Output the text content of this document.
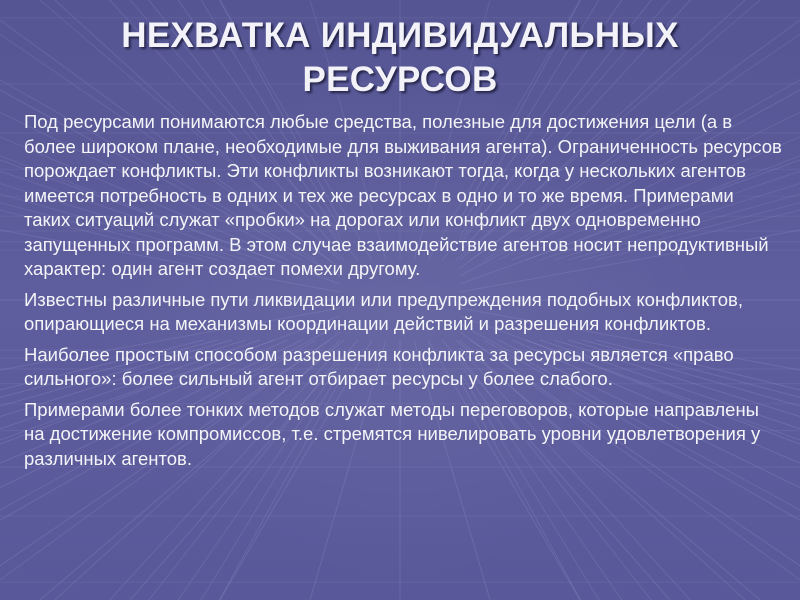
НЕХВАТКА ИНДИВИДУАЛЬНЫХ
РЕСУРСОВ

Под ресурсами понимаются любые средства, полезные для достижения цели (а в более широком плане, необходимые для выживания агента). Ограниченность ресурсов порождает конфликты. Эти конфликты возникают тогда, когда у нескольких агентов имеется потребность в одних и тех же ресурсах в одно и то же время. Примерами таких ситуаций служат «пробки» на дорогах или конфликт двух одновременно запущенных программ. В этом случае взаимодействие агентов носит непродуктивный характер: один агент создает помехи другому.

Известны различные пути ликвидации или предупреждения подобных конфликтов, опирающиеся на механизмы координации действий и разрешения конфликтов.

Наиболее простым способом разрешения конфликта за ресурсы является «право сильного»: более сильный агент отбирает ресурсы у более слабого.

Примерами более тонких методов служат методы переговоров, которые направлены на достижение компромиссов, т.е. стремятся нивелировать уровни удовлетворения у различных агентов.
